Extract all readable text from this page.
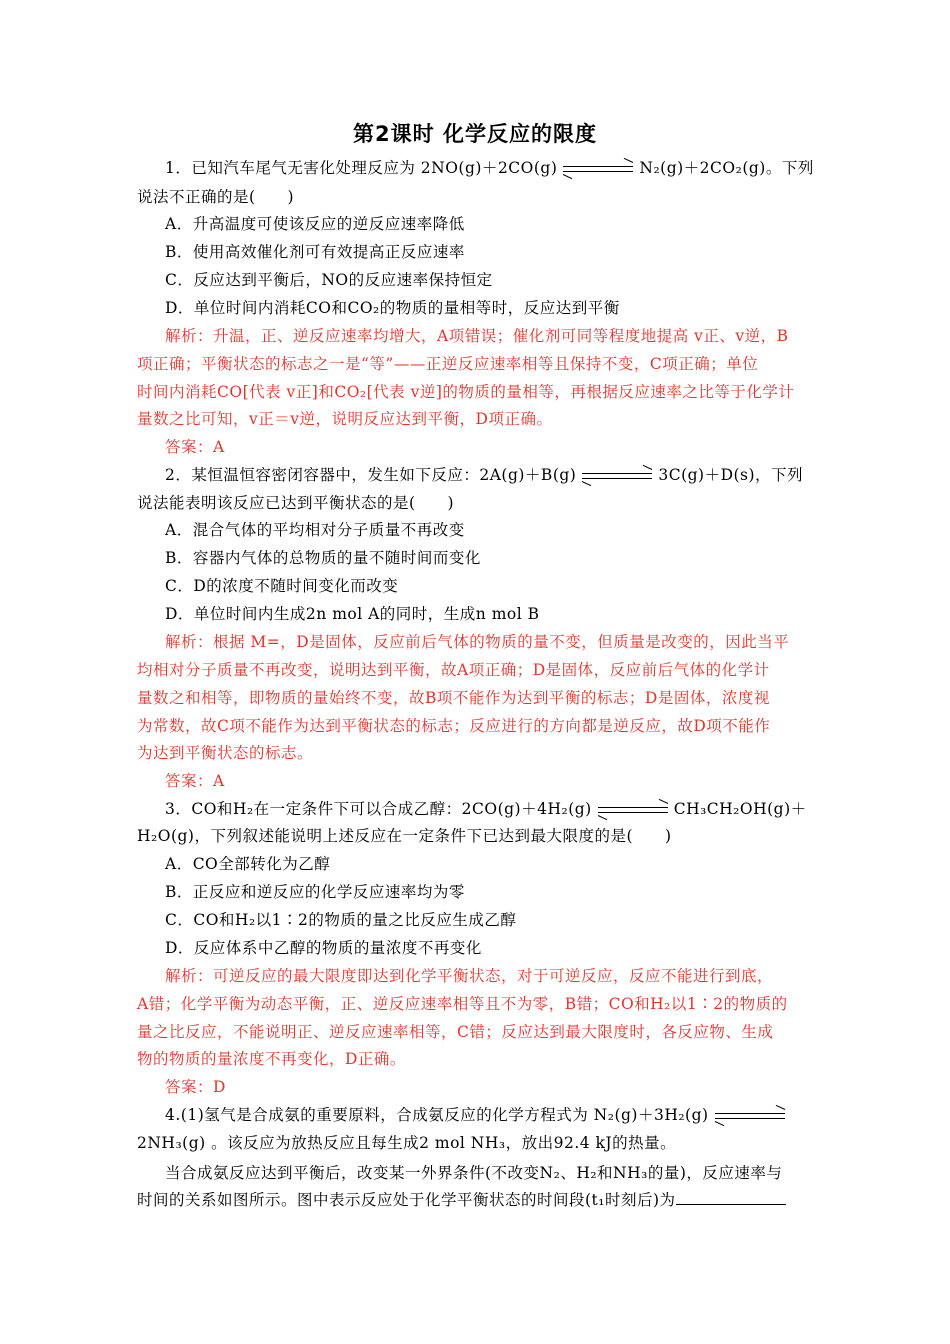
第2课时 化学反应的限度
1．已知汽车尾气无害化处理反应为 2NO(g)＋2CO(g)	N₂(g)＋2CO₂(g)。下列
说法不正确的是(　　)
A．升高温度可使该反应的逆反应速率降低
B．使用高效催化剂可有效提高正反应速率
C．反应达到平衡后，NO的反应速率保持恒定
D．单位时间内消耗CO和CO₂的物质的量相等时，反应达到平衡
解析：升温，正、逆反应速率均增大，A项错误；催化剂可同等程度地提高 v正、v逆，B
项正确；平衡状态的标志之一是“等”——正逆反应速率相等且保持不变，C项正确；单位
时间内消耗CO[代表 v正]和CO₂[代表 v逆]的物质的量相等，再根据反应速率之比等于化学计
量数之比可知，v正＝v逆，说明反应达到平衡，D项正确。
答案：A
2．某恒温恒容密闭容器中，发生如下反应：2A(g)＋B(g)	3C(g)＋D(s)，下列
说法能表明该反应已达到平衡状态的是(　　)
A．混合气体的平均相对分子质量不再改变
B．容器内气体的总物质的量不随时间而变化
C．D的浓度不随时间变化而改变
D．单位时间内生成2n mol A的同时，生成n mol B
解析：根据 M=，D是固体，反应前后气体的物质的量不变，但质量是改变的，因此当平
均相对分子质量不再改变，说明达到平衡，故A项正确；D是固体，反应前后气体的化学计
量数之和相等，即物质的量始终不变，故B项不能作为达到平衡的标志；D是固体，浓度视
为常数，故C项不能作为达到平衡状态的标志；反应进行的方向都是逆反应，故D项不能作
为达到平衡状态的标志。
答案：A
3．CO和H₂在一定条件下可以合成乙醇：2CO(g)＋4H₂(g)	CH₃CH₂OH(g)＋
H₂O(g)，下列叙述能说明上述反应在一定条件下已达到最大限度的是(　　)
A．CO全部转化为乙醇
B．正反应和逆反应的化学反应速率均为零
C．CO和H₂以1∶2的物质的量之比反应生成乙醇
D．反应体系中乙醇的物质的量浓度不再变化
解析：可逆反应的最大限度即达到化学平衡状态，对于可逆反应，反应不能进行到底，
A错；化学平衡为动态平衡，正、逆反应速率相等且不为零，B错；CO和H₂以1∶2的物质的
量之比反应，不能说明正、逆反应速率相等，C错；反应达到最大限度时，各反应物、生成
物的物质的量浓度不再变化，D正确。
答案：D
4.(1)氢气是合成氨的重要原料，合成氨反应的化学方程式为 N₂(g)＋3H₂(g)
2NH₃(g) 。该反应为放热反应且每生成2 mol NH₃，放出92.4 kJ的热量。
当合成氨反应达到平衡后，改变某一外界条件(不改变N₂、H₂和NH₃的量)，反应速率与
时间的关系如图所示。图中表示反应处于化学平衡状态的时间段(t₁时刻后)为
